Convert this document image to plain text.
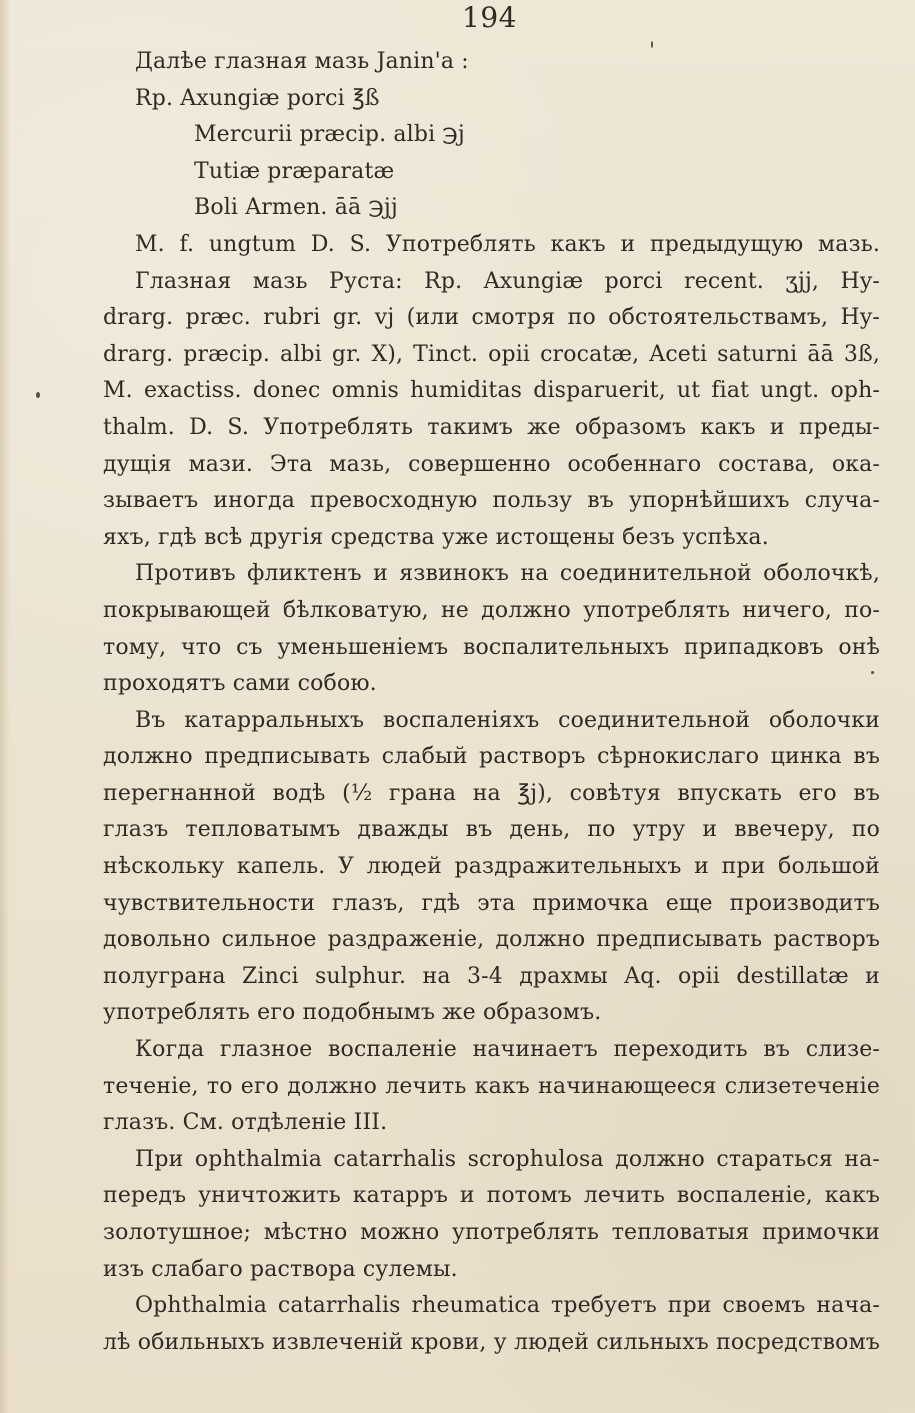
194
Далѣе глазная мазь Janin'a :
Rp. Axungiæ porci ℥ß
Mercurii præcip. albi ℈j
Tutiæ præparatæ
Boli Armen. āā ℈jj
M. f. ungtum D. S. Употреблять какъ и предыдущую мазь.
Глазная мазь Руста: Rp. Axungiæ porci recent. ʒjj, Hy-
drarg. præc. rubri gr. vj (или смотря по обстоятельствамъ, Hy-
drarg. præcip. albi gr. X), Tinct. opii crocatæ, Aceti saturni āā 3ß,
M. exactiss. donec omnis humiditas disparuerit, ut fiat ungt. oph-
thalm. D. S. Употреблять такимъ же образомъ какъ и преды-
дущія мази. Эта мазь, совершенно особеннаго состава, ока-
зываетъ иногда превосходную пользу въ упорнѣйшихъ случа-
яхъ, гдѣ всѣ другія средства уже истощены безъ успѣха.
Противъ фликтенъ и язвинокъ на соединительной оболочкѣ,
покрывающей бѣлковатую, не должно употреблять ничего, по-
тому, что съ уменьшеніемъ воспалительныхъ припадковъ онѣ
проходятъ сами собою.
Въ катарральныхъ воспаленіяхъ соединительной оболочки
должно предписывать слабый растворъ сѣрнокислаго цинка въ
перегнанной водѣ (½ грана на ℥j), совѣтуя впускать его въ
глазъ тепловатымъ дважды въ день, по утру и ввечеру, по
нѣскольку капель. У людей раздражительныхъ и при большой
чувствительности глазъ, гдѣ эта примочка еще производитъ
довольно сильное раздраженіе, должно предписывать растворъ
полуграна Zinci sulphur. на 3-4 драхмы Aq. opii destillatæ и
употреблять его подобнымъ же образомъ.
Когда глазное воспаленіе начинаетъ переходить въ слизе-
теченіе, то его должно лечить какъ начинающееся слизетеченіе
глазъ. См. отдѣленіе III.
При ophthalmia catarrhalis scrophulosa должно стараться на-
передъ уничтожить катарръ и потомъ лечить воспаленіе, какъ
золотушное; мѣстно можно употреблять тепловатыя примочки
изъ слабаго раствора сулемы.
Ophthalmia catarrhalis rheumatica требуетъ при своемъ нача-
лѣ обильныхъ извлеченій крови, у людей сильныхъ посредствомъ
